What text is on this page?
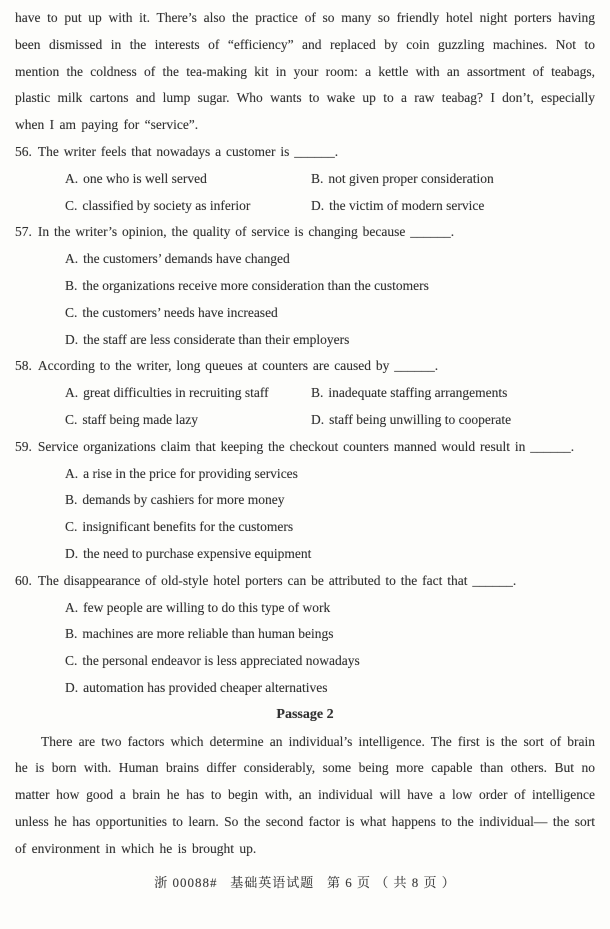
have to put up with it. There’s also the practice of so many so friendly hotel night porters having been dismissed in the interests of “efficiency” and replaced by coin guzzling machines. Not to mention the coldness of the tea-making kit in your room: a kettle with an assortment of teabags, plastic milk cartons and lump sugar. Who wants to wake up to a raw teabag? I don’t, especially when I am paying for “service”.
56. The writer feels that nowadays a customer is ______.
A. one who is well served	B. not given proper consideration
C. classified by society as inferior	D. the victim of modern service
57. In the writer’s opinion, the quality of service is changing because ______.
A. the customers’ demands have changed
B. the organizations receive more consideration than the customers
C. the customers’ needs have increased
D. the staff are less considerate than their employers
58. According to the writer, long queues at counters are caused by ______.
A. great difficulties in recruiting staff	B. inadequate staffing arrangements
C. staff being made lazy	D. staff being unwilling to cooperate
59. Service organizations claim that keeping the checkout counters manned would result in ______.
A. a rise in the price for providing services
B. demands by cashiers for more money
C. insignificant benefits for the customers
D. the need to purchase expensive equipment
60. The disappearance of old-style hotel porters can be attributed to the fact that ______.
A. few people are willing to do this type of work
B. machines are more reliable than human beings
C. the personal endeavor is less appreciated nowadays
D. automation has provided cheaper alternatives
Passage 2
There are two factors which determine an individual’s intelligence. The first is the sort of brain he is born with. Human brains differ considerably, some being more capable than others. But no matter how good a brain he has to begin with, an individual will have a low order of intelligence unless he has opportunities to learn. So the second factor is what happens to the individual— the sort of environment in which he is brought up.
浙 00088#   基础英语试题   第 6 页 （ 共 8 页 ）
